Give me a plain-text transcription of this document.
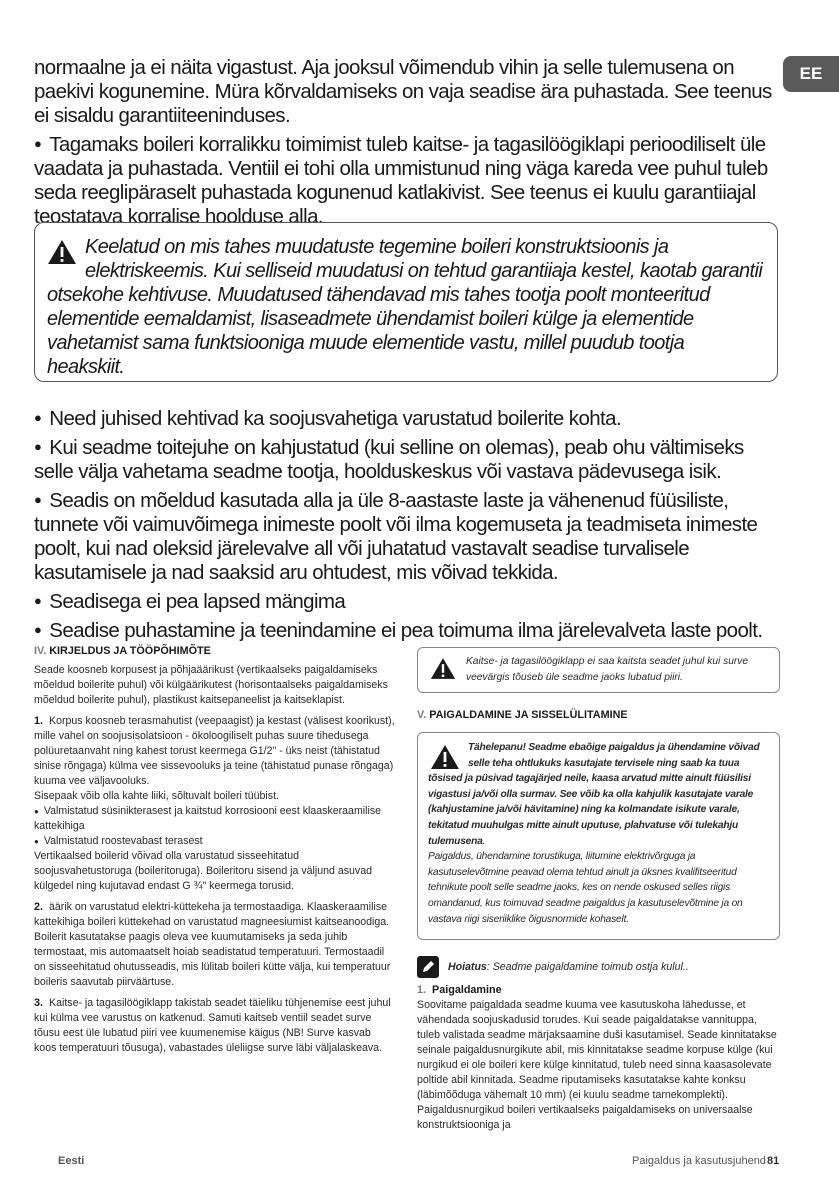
EE

normaalne ja ei näita vigastust. Aja jooksul võimendub vihin ja selle tulemusena on paekivi kogunemine. Müra kõrvaldamiseks on vaja seadise ära puhastada. See teenus ei sisaldu garantiiteeninduses.

● Tagamaks boileri korralikku toimimist tuleb kaitse- ja tagasilöögiklapi perioodiliselt üle vaadata ja puhastada. Ventiil ei tohi olla ummistunud ning väga kareda vee puhul tuleb seda reeglipäraselt puhastada kogunenud katlakivist. See teenus ei kuulu garantiiajal teostatava korralise hoolduse alla.

Keelatud on mis tahes muudatuste tegemine boileri konstruktsioonis ja elektriskeemis. Kui selliseid muudatusi on tehtud garantiiaja kestel, kaotab garantii otsekohe kehtivuse. Muudatused tähendavad mis tahes tootja poolt monteeritud elementide eemaldamist, lisaseadmete ühendamist boileri külge ja elementide vahetamist sama funktsiooniga muude elementide vastu, millel puudub tootja heakskiit.

● Need juhised kehtivad ka soojusvahetiga varustatud boilerite kohta.

● Kui seadme toitejuhe on kahjustatud (kui selline on olemas), peab ohu vältimiseks selle välja vahetama seadme tootja, hoolduskeskus või vastava pädevusega isik.

● Seadis on mõeldud kasutada alla ja üle 8-aastaste laste ja vähenenud füüsiliste, tunnete või vaimuvõimega inimeste poolt või ilma kogemuseta ja teadmiseta inimeste poolt, kui nad oleksid järelevalve all või juhatatud vastavalt seadise turvalisele kasutamisele ja nad saaksid aru ohtudest, mis võivad tekkida.

● Seadisega ei pea lapsed mängima

● Seadise puhastamine ja teenindamine ei pea toimuma ilma järelevalveta laste poolt.

IV. KIRJELDUS JA TÖÖPÕHIMÕTE

Seade koosneb korpusest ja põhjaäärikust (vertikaalseks paigaldamiseks mõeldud boilerite puhul) või külgäärikutest (horisontaalseks paigaldamiseks mõeldud boilerite puhul), plastikust kaitsepaneelist ja kaitseklapist.

1. Korpus koosneb terasmahutist (veepaagist) ja kestast (välisest koorikust), mille vahel on soojusisolatsioon - ökoloogiliselt puhas suure tihedusega polüuretaanvaht ning kahest torust keermega G1/2" - üks neist (tähistatud sinise rõngaga) külma vee sissevooluks ja teine (tähistatud punase rõngaga) kuuma vee väljavooluks.

Sisepaak võib olla kahte liiki, sõltuvalt boileri tüübist.
● Valmistatud süsinikterasest ja kaitstud korrosiooni eest klaaskeraamilise kattekihiga
● Valmistatud roostevabast terasest

Vertikaalsed boilerid võivad olla varustatud sisseehitatud soojusvahetustoruga (boileritoruga). Boileritoru sisend ja väljund asuvad külgedel ning kujutavad endast G ¾" keermega torusid.

2. äärik on varustatud elektri-küttekeha ja termostaadiga. Klaaskeraamilise kattekihiga boileri küttekehad on varustatud magneesiumist kaitseanoodiga.

Boilerit kasutatakse paagis oleva vee kuumutamiseks ja seda juhib termostaat, mis automaatselt hoiab seadistatud temperatuuri. Termostaadil on sisseehitatud ohutusseadis, mis lülitab boileri kütte välja, kui temperatuur boileris saavutab piirväärtuse.

3. Kaitse- ja tagasilöögiklapp takistab seadet täieliku tühjenemise eest juhul kui külma vee varustus on katkenud. Samuti kaitseb ventiil seadet surve tõusu eest üle lubatud piiri vee kuumenemise käigus (NB! Surve kasvab koos temperatuuri tõusuga), vabastades üleliigse surve läbi väljalaskeava.

Kaitse- ja tagasilöögiklapp ei saa kaitsta seadet juhul kui surve veevärgis tõuseb üle seadme jaoks lubatud piiri.
V. PAIGALDAMINE JA SISSELÜLITAMINE
Tähelepanu! Seadme ebaõige paigaldus ja ühendamine võivad selle teha ohtlukuks kasutajate tervisele ning saab ka tuua tõsised ja püsivad tagajärjed neile, kaasa arvatud mitte ainult füüsilisi vigastusi ja/või olla surmav. See võib ka olla kahjulik kasutajate varale (kahjustamine ja/või hävitamine) ning ka kolmandate isikute varale, tekitatud muuhulgas mitte ainult uputuse, plahvatuse või tulekahju tulemusena.
Paigaldus, ühendamine torustikuga, liitumine elektrivõrguga ja kasutuselevõtmine peavad olema tehtud ainult ja üksnes kvalifitseeritud tehnikute poolt selle seadme jaoks, kes on nende oskused selles riigis omandanud, kus toimuvad seadme paigaldus ja kasutuselevõtmine ja on vastava riigi siseriiklike õigusnormide kohaselt.
Hoiatus: Seadme paigaldamine toimub ostja kulul..
1. Paigaldamine
Soovitame paigaldada seadme kuuma vee kasutuskoha lähedusse, et vähendada soojuskadusid torudes. Kui seade paigaldatakse vannituppa, tuleb valistada seadme märjaksaamine duši kasutamisel. Seade kinnitatakse seinale paigaldusnurgikute abil, mis kinnitatakse seadme korpuse külge (kui nurgikud ei ole boileri kere külge kinnitatud, tuleb need sinna kaasasolevate poltide abil kinnitada. Seadme riputamiseks kasutatakse kahte konksu (läbimõõduga vähemalt 10 mm) (ei kuulu seadme tarnekomplekti). Paigaldusnurgikud boileri vertikaalseks paigaldamiseks on universaalse konstruktsiooniga ja
Eesti	Paigaldus ja kasutusjuhend 81
